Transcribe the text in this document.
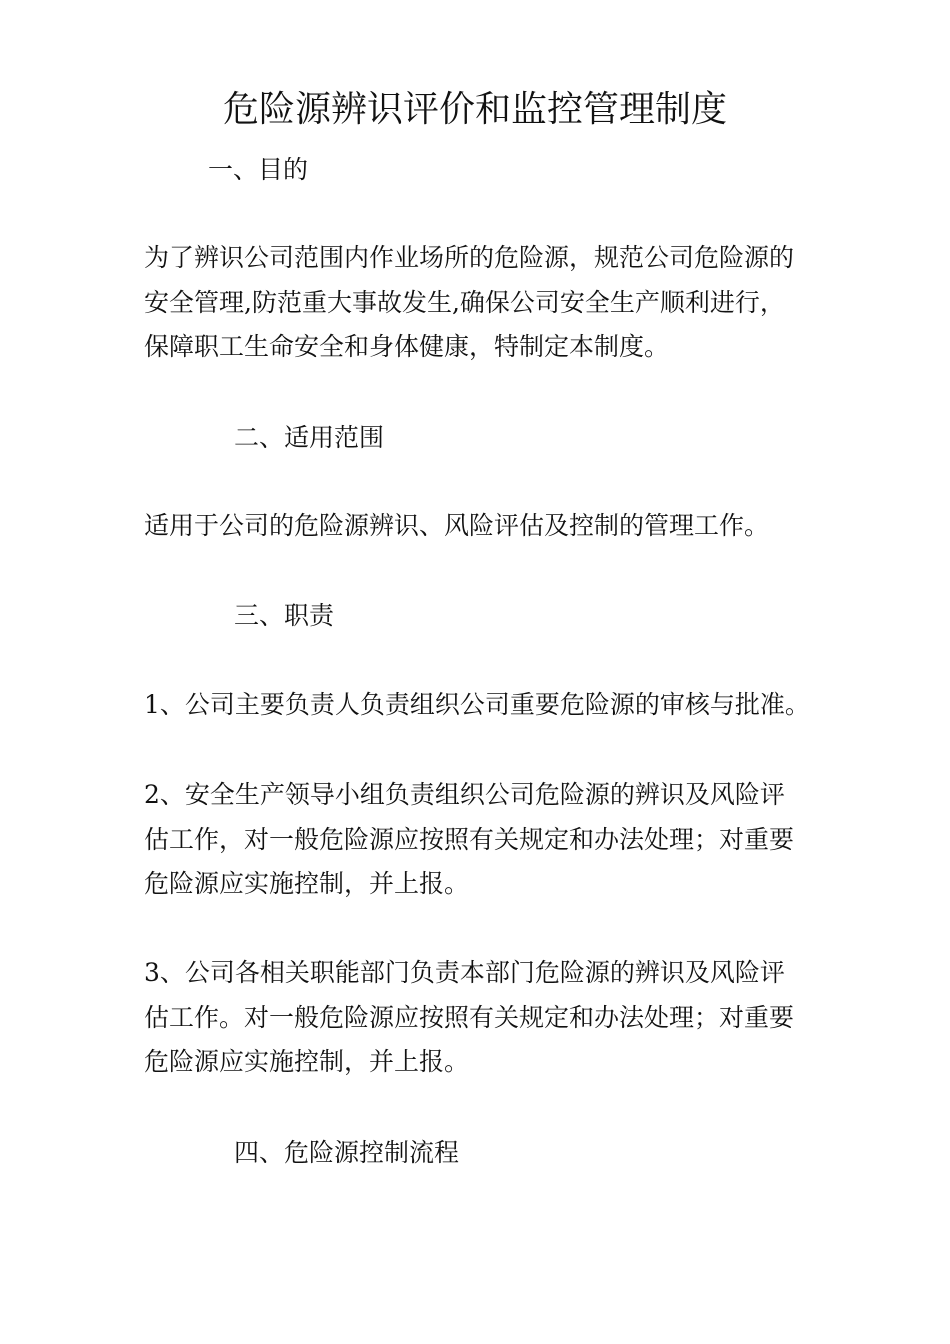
危险源辨识评价和监控管理制度
一、目的
为了辨识公司范围内作业场所的危险源，规范公司危险源的
安全管理,防范重大事故发生,确保公司安全生产顺利进行，
保障职工生命安全和身体健康，特制定本制度。
二、适用范围
适用于公司的危险源辨识、风险评估及控制的管理工作。
三、职责
1、公司主要负责人负责组织公司重要危险源的审核与批准。
2、安全生产领导小组负责组织公司危险源的辨识及风险评
估工作，对一般危险源应按照有关规定和办法处理；对重要
危险源应实施控制，并上报。
3、公司各相关职能部门负责本部门危险源的辨识及风险评
估工作。对一般危险源应按照有关规定和办法处理；对重要
危险源应实施控制，并上报。
四、危险源控制流程
